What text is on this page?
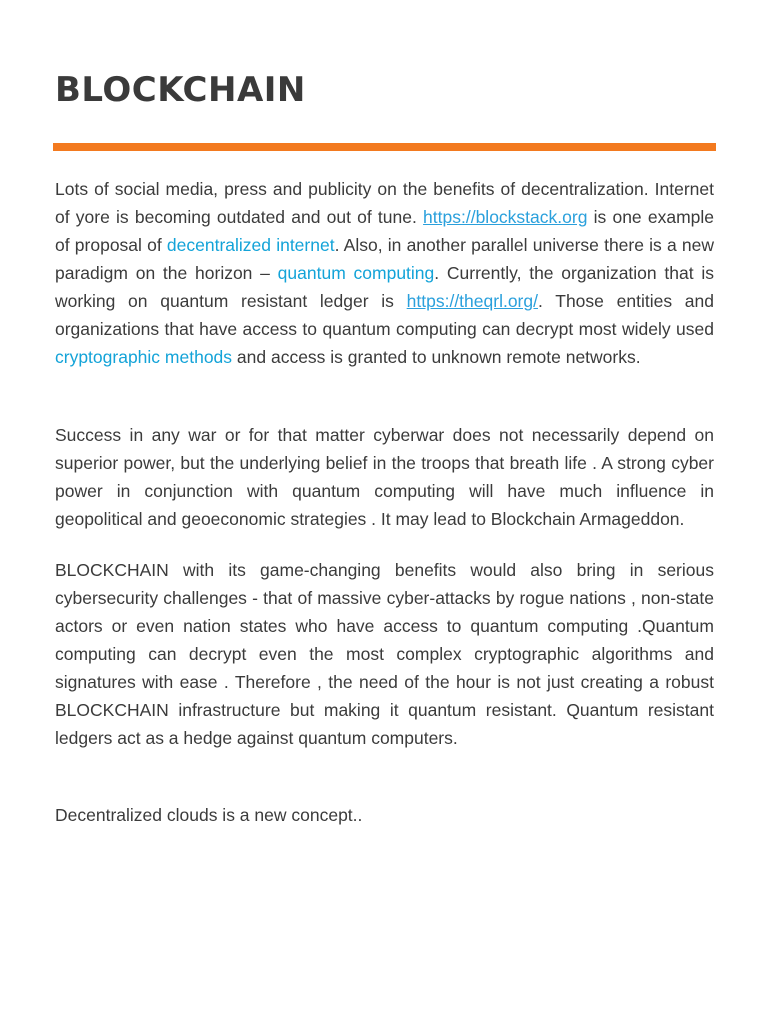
BLOCKCHAIN

Lots of social media, press and publicity on the benefits of decentralization. Internet of yore is becoming outdated and out of tune. https://blockstack.org is one example of proposal of decentralized internet. Also, in another parallel universe there is a new paradigm on the horizon – quantum computing. Currently, the organization that is working on quantum resistant ledger is https://theqrl.org/. Those entities and organizations that have access to quantum computing can decrypt most widely used cryptographic methods and access is granted to unknown remote networks.

Success in any war or for that matter cyberwar does not necessarily depend on superior power, but the underlying belief in the troops that breath life . A strong cyber power in conjunction with quantum computing will have much influence in geopolitical and geoeconomic strategies . It may lead to Blockchain Armageddon.

BLOCKCHAIN with its game-changing benefits would also bring in serious cybersecurity challenges - that of massive cyber-attacks by rogue nations , non-state actors or even nation states who have access to quantum computing .Quantum computing can decrypt even the most complex cryptographic algorithms and signatures with ease . Therefore , the need of the hour is not just creating a robust BLOCKCHAIN infrastructure but making it quantum resistant. Quantum resistant ledgers act as a hedge against quantum computers.

Decentralized clouds is a new concept..
